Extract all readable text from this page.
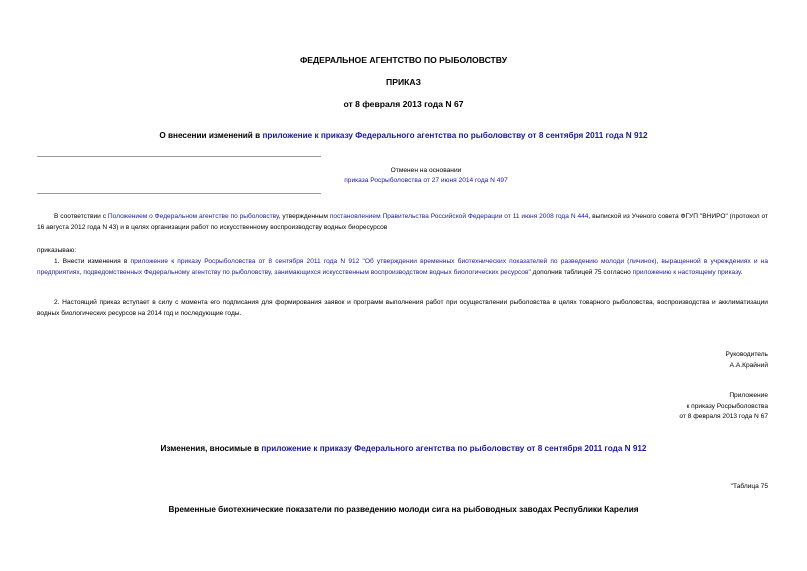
ФЕДЕРАЛЬНОЕ АГЕНТСТВО ПО РЫБОЛОВСТВУ
ПРИКАЗ
от 8 февраля 2013 года N 67
О внесении изменений в приложение к приказу Федерального агентства по рыболовству от 8 сентября 2011 года N 912
Отменен на основании
приказа Росрыболовства от 27 июня 2014 года N 497
В соответствии с Положением о Федеральном агентстве по рыболовству, утвержденным постановлением Правительства Российской Федерации от 11 июня 2008 года N 444, выпиской из Ученого совета ФГУП "ВНИРО" (протокол от 16 августа 2012 года N 43) и в целях организации работ по искусственному воспроизводству водных биоресурсов
приказываю:
1. Внести изменения в приложение к приказу Росрыболовства от 8 сентября 2011 года N 912 "Об утверждении временных биотехнических показателей по разведению молоди (личинок), выращенной в учреждениях и на предприятиях, подведомственных Федеральному агентству по рыболовству, занимающихся искусственным воспроизводством водных биологических ресурсов" дополнив таблицей 75 согласно приложению к настоящему приказу.
2. Настоящий приказ вступает в силу с момента его подписания для формирования заявок и программ выполнения работ при осуществлении рыболовства в целях товарного рыболовства, воспроизводства и акклиматизации водных биологических ресурсов на 2014 год и последующие годы.
Руководитель
А.А.Крайний
Приложение
к приказу Росрыболовства
от 8 февраля 2013 года N 67
Изменения, вносимые в приложение к приказу Федерального агентства по рыболовству от 8 сентября 2011 года N 912
"Таблица 75
Временные биотехнические показатели по разведению молоди сига на рыбоводных заводах Республики Карелия
